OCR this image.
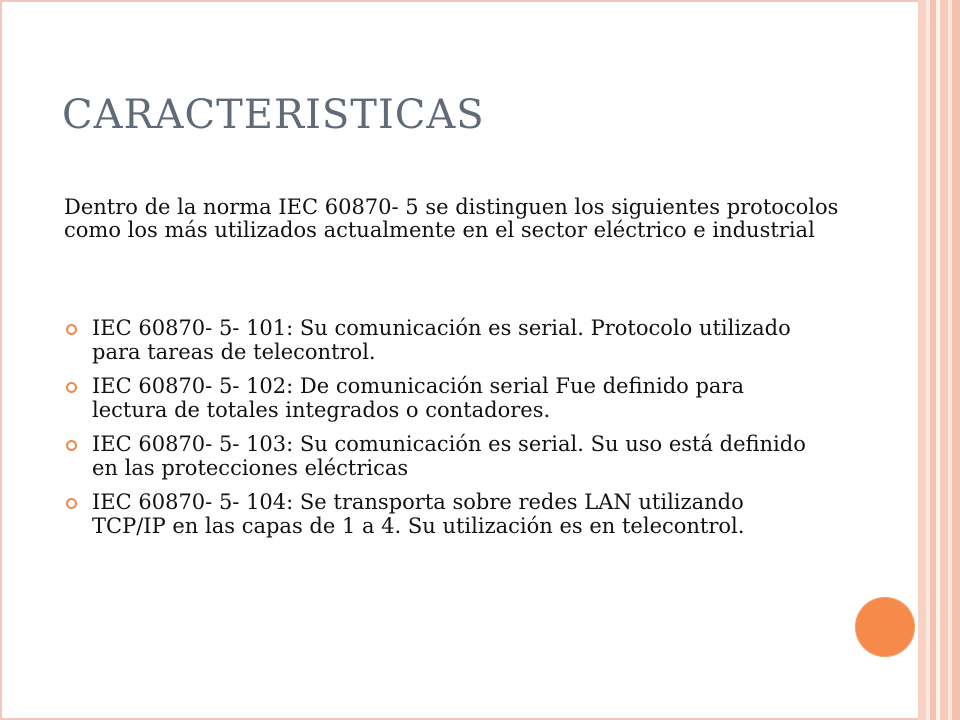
CARACTERISTICAS
Dentro de la norma IEC 60870- 5 se distinguen los siguientes protocolos como los más utilizados actualmente en el sector eléctrico e industrial
IEC 60870- 5- 101: Su comunicación es serial. Protocolo utilizado para tareas de telecontrol.
IEC 60870- 5- 102: De comunicación serial Fue definido para lectura de totales integrados o contadores.
IEC 60870- 5- 103: Su comunicación es serial. Su uso está definido en las protecciones eléctricas
IEC 60870- 5- 104: Se transporta sobre redes LAN utilizando TCP/IP en las capas de 1 a 4. Su utilización es en telecontrol.
